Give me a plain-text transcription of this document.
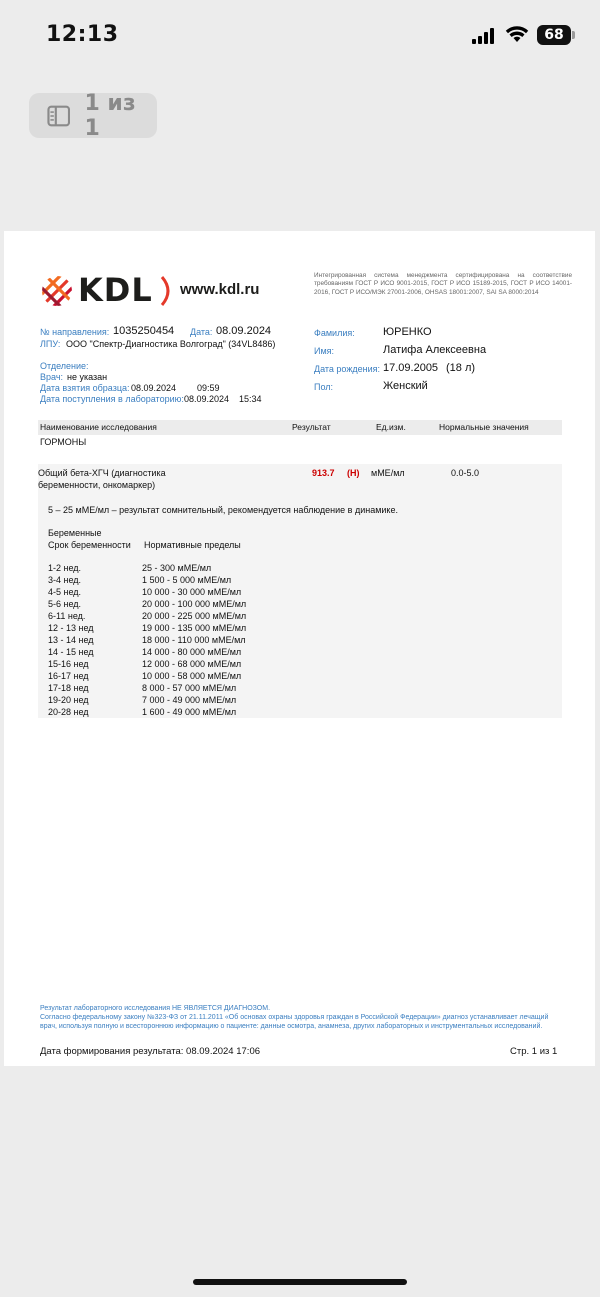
12:13	68
1 из 1
KDL www.kdl.ru
Интегрированная система менеджмента сертифицирована на соответствие требованиям ГОСТ Р ИСО 9001-2015, ГОСТ Р ИСО 15189-2015, ГОСТ Р ИСО 14001-2016, ГОСТ Р ИСО/МЭК 27001-2006, OHSAS 18001:2007, SAI SA 8000:2014
№ направления: 1035250454 Дата: 08.09.2024
ЛПУ: ООО "Спектр-Диагностика Волгоград" (34VL8486)
Отделение:
Врач: не указан
Дата взятия образца: 08.09.2024 09:59
Дата поступления в лабораторию: 08.09.2024 15:34
Фамилия:	ЮРЕНКО
Имя:	Латифа Алексеевна
Дата рождения: 17.09.2005 (18 л)
Пол:	Женский
Наименование исследования	Результат	Ед.изм.	Нормальные значения
ГОРМОНЫ
Общий бета-ХГЧ (диагностика
беременности, онкомаркер)
913.7 (H) мМЕ/мл	0.0-5.0
5 – 25 мМЕ/мл – результат сомнительный, рекомендуется наблюдение в динамике.
Беременные
Срок беременности Нормативные пределы
1-2 нед.	25 - 300 мМЕ/мл
3-4 нед.	1 500 - 5 000 мМЕ/мл
4-5 нед.	10 000 - 30 000 мМЕ/мл
5-6 нед.	20 000 - 100 000 мМЕ/мл
6-11 нед.	20 000 - 225 000 мМЕ/мл
12 - 13 нед	19 000 - 135 000 мМЕ/мл
13 - 14 нед	18 000 - 110 000 мМЕ/мл
14 - 15 нед	14 000 - 80 000 мМЕ/мл
15-16 нед	12 000 - 68 000 мМЕ/мл
16-17 нед	10 000 - 58 000 мМЕ/мл
17-18 нед	8 000 - 57 000 мМЕ/мл
19-20 нед	7 000 - 49 000 мМЕ/мл
20-28 нед	1 600 - 49 000 мМЕ/мл
Результат лабораторного исследования НЕ ЯВЛЯЕТСЯ ДИАГНОЗОМ.
Согласно федеральному закону №323-ФЗ от 21.11.2011 «Об основах охраны здоровья граждан в Российской Федерации» диагноз устанавливает лечащий врач, используя полную и всестороннюю информацию о пациенте: данные осмотра, анамнеза, других лабораторных и инструментальных исследований.
Дата формирования результата: 08.09.2024 17:06	Стр. 1 из 1
